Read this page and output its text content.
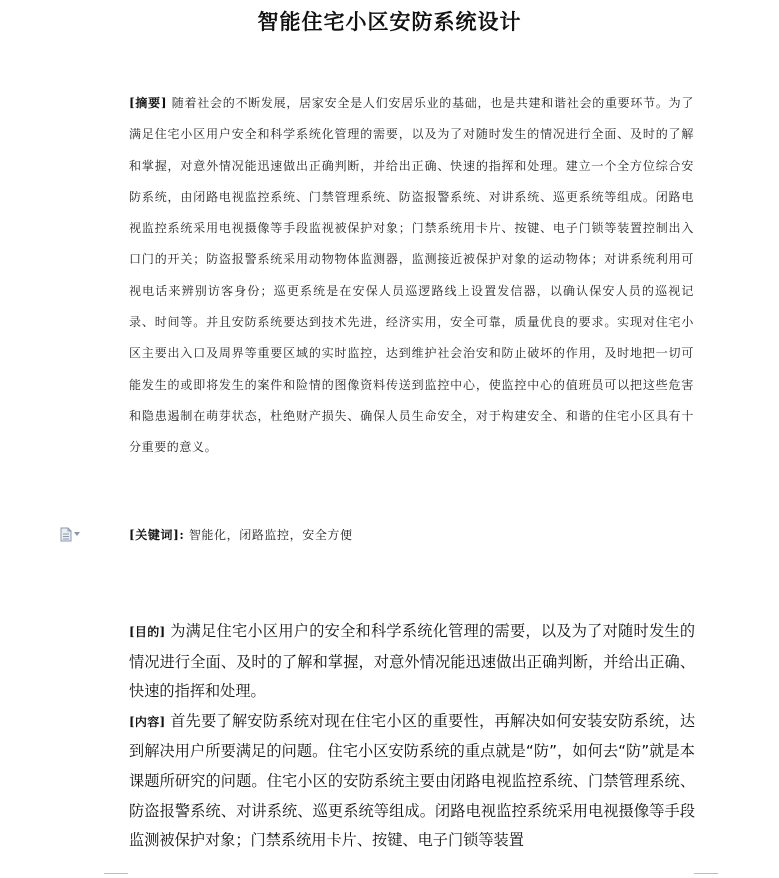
智能住宅小区安防系统设计
[摘要] 随着社会的不断发展，居家安全是人们安居乐业的基础，也是共建和谐社会的重要环节。为了满足住宅小区用户安全和科学系统化管理的需要，以及为了对随时发生的情况进行全面、及时的了解和掌握，对意外情况能迅速做出正确判断，并给出正确、快速的指挥和处理。建立一个全方位综合安防系统，由闭路电视监控系统、门禁管理系统、防盗报警系统、对讲系统、巡更系统等组成。闭路电视监控系统采用电视摄像等手段监视被保护对象；门禁系统用卡片、按键、电子门锁等装置控制出入口门的开关；防盗报警系统采用动物物体监测器，监测接近被保护对象的运动物体；对讲系统利用可视电话来辨别访客身份；巡更系统是在安保人员巡逻路线上设置发信器，以确认保安人员的巡视记录、时间等。并且安防系统要达到技术先进，经济实用，安全可靠，质量优良的要求。实现对住宅小区主要出入口及周界等重要区域的实时监控，达到维护社会治安和防止破坏的作用，及时地把一切可能发生的或即将发生的案件和险情的图像资料传送到监控中心，使监控中心的值班员可以把这些危害和隐患遏制在萌芽状态，杜绝财产损失、确保人员生命安全，对于构建安全、和谐的住宅小区具有十分重要的意义。
[关键词]: 智能化，闭路监控，安全方便

[目的] 为满足住宅小区用户的安全和科学系统化管理的需要，以及为了对随时发生的情况进行全面、及时的了解和掌握，对意外情况能迅速做出正确判断，并给出正确、快速的指挥和处理。

[内容] 首先要了解安防系统对现在住宅小区的重要性，再解决如何安装安防系统，达到解决用户所要满足的问题。住宅小区安防系统的重点就是“防”，如何去“防”就是本课题所研究的问题。住宅小区的安防系统主要由闭路电视监控系统、门禁管理系统、防盗报警系统、对讲系统、巡更系统等组成。闭路电视监控系统采用电视摄像等手段监测被保护对象；门禁系统用卡片、按键、电子门锁等装置
